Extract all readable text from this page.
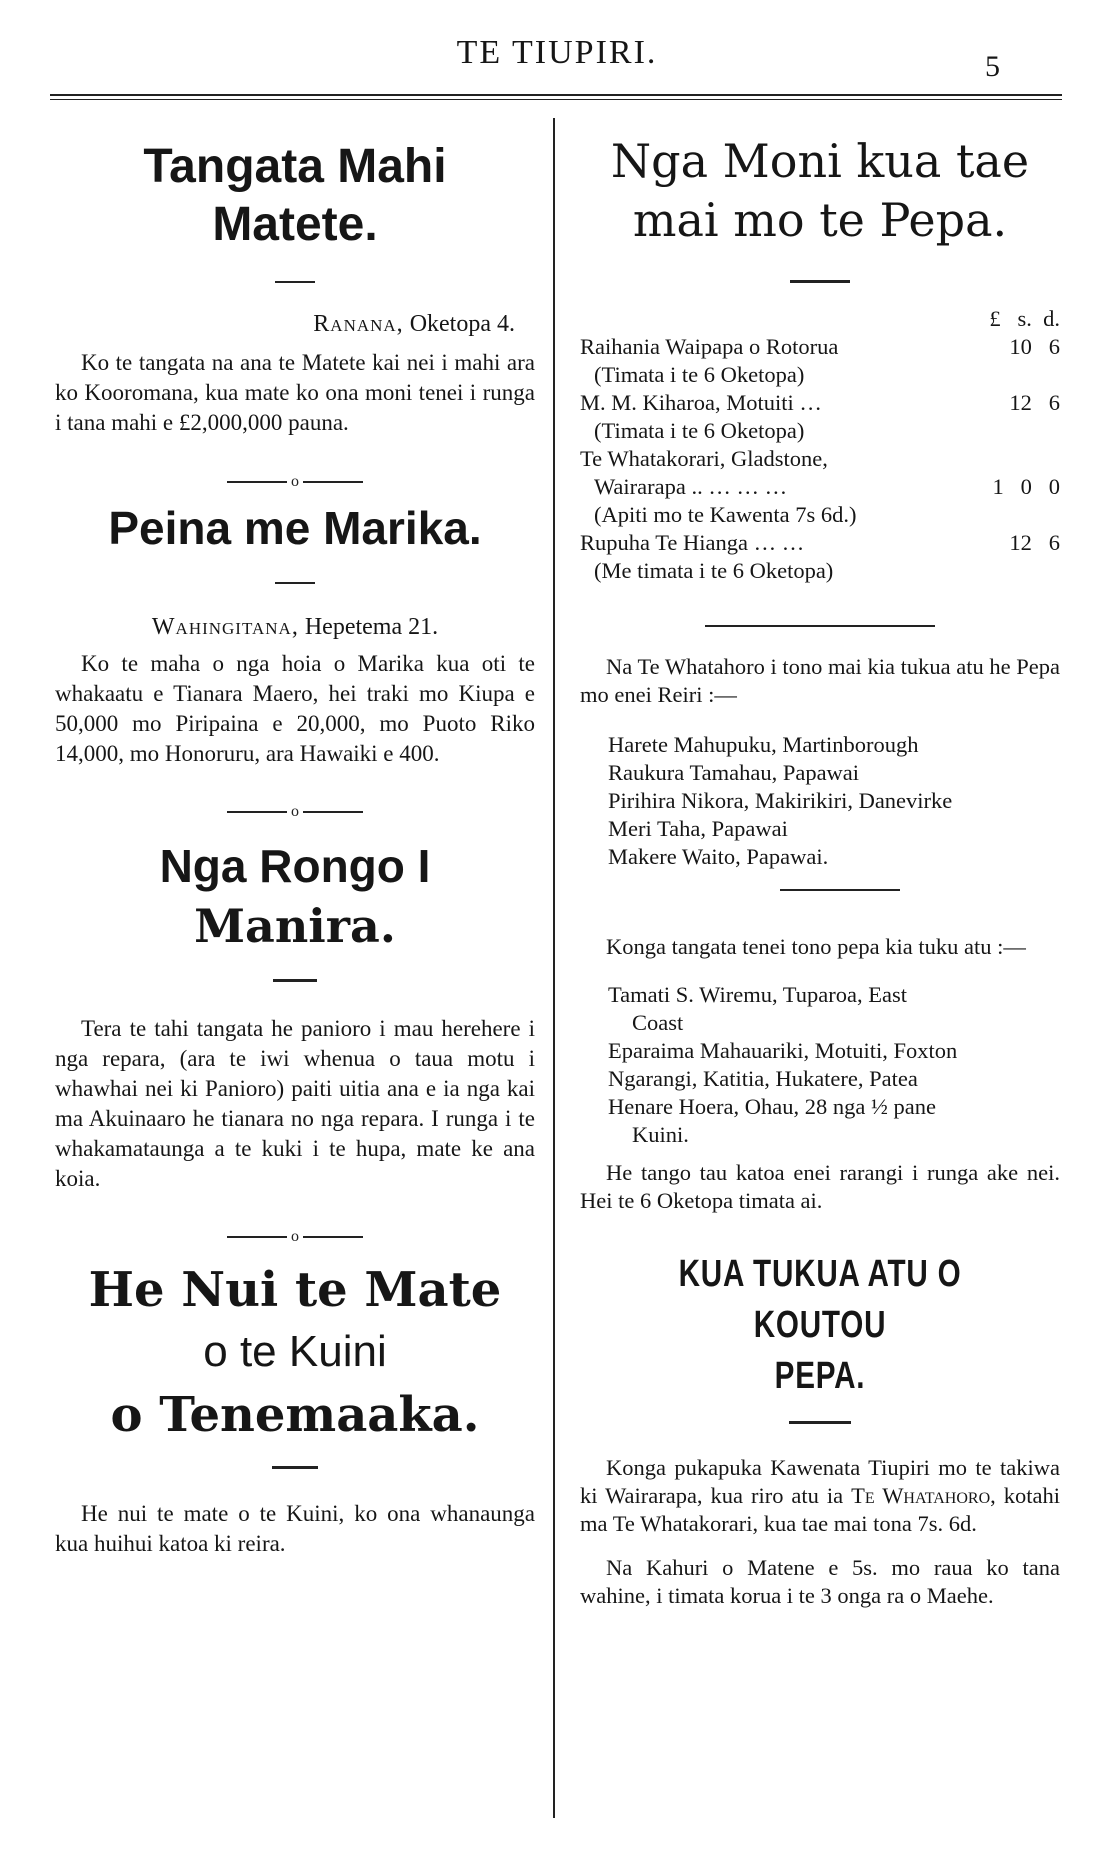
TE TIUPIRI.	5
Tangata Mahi
Matete.

Ranana, Oketopa 4.

Ko te tangata na ana te Matete kai nei i mahi ara ko Kooromana, kua mate ko ona moni tenei i runga i tana mahi e £2,000,000 pauna.

o
Peina me Marika.

Wahingitana, Hepetema 21.

Ko te maha o nga hoia o Marika kua oti te whakaatu e Tianara Maero, hei traki mo Kiupa e 50,000 mo Piripaina e 20,000, mo Puoto Riko 14,000, mo Honoruru, ara Hawaiki e 400.

o
Nga Rongo I
Manira.

Tera te tahi tangata he panioro i mau herehere i nga repara, (ara te iwi whenua o taua motu i whawhai nei ki Panioro) paiti uitia ana e ia nga kai ma Akuinaaro he tianara no nga repara. I runga i te whakamataunga a te kuki i te hupa, mate ke ana koia.

o
He Nui te Mate
o te Kuini
o Tenemaaka.

He nui te mate o te Kuini, ko ona whanaunga kua huihui katoa ki reira.

Nga Moni kua tae
mai mo te Pepa.
	£ s. d.
Raihania Waipapa o Rotorua	10 6
(Timata i te 6 Oketopa)	
M. M. Kiharoa, Motuiti …	12 6
(Timata i te 6 Oketopa)	
Te Whatakorari, Gladstone,	
Wairarapa .. … … …	1 0 0
(Apiti mo te Kawenta 7s 6d.)	
Rupuha Te Hianga … …	12 6
(Me timata i te 6 Oketopa)	

Na Te Whatahoro i tono mai kia tukua atu he Pepa mo enei Reiri :—

Harete Mahupuku, Martinborough
Raukura Tamahau, Papawai
Pirihira Nikora, Makirikiri, Danevirke
Meri Taha, Papawai
Makere Waito, Papawai.

Konga tangata tenei tono pepa kia tuku atu :—

Tamati S. Wiremu, Tuparoa, East
Coast
Eparaima Mahauariki, Motuiti, Foxton
Ngarangi, Katitia, Hukatere, Patea
Henare Hoera, Ohau, 28 nga ½ pane
Kuini.

He tango tau katoa enei rarangi i runga ake nei. Hei te 6 Oketopa timata ai.

KUA TUKUA ATU O KOUTOU
PEPA.

Konga pukapuka Kawenata Tiupiri mo te takiwa ki Wairarapa, kua riro atu ia Te Whatahoro, kotahi ma Te Whatakorari, kua tae mai tona 7s. 6d.

Na Kahuri o Matene e 5s. mo raua ko tana wahine, i timata korua i te 3 onga ra o Maehe.
